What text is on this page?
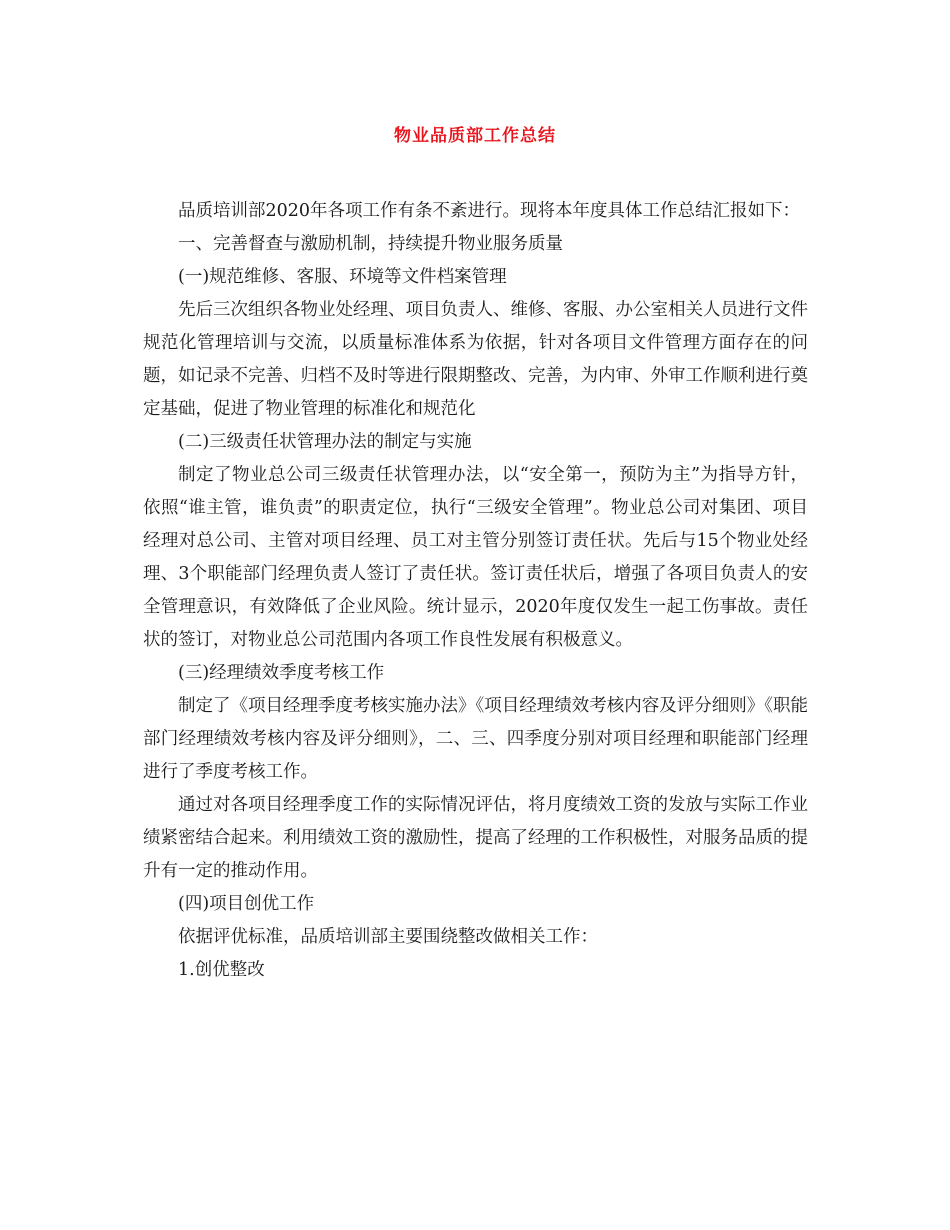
物业品质部工作总结

品质培训部2020年各项工作有条不紊进行。现将本年度具体工作总结汇报如下：

一、完善督查与激励机制，持续提升物业服务质量

(一)规范维修、客服、环境等文件档案管理

先后三次组织各物业处经理、项目负责人、维修、客服、办公室相关人员进行文件规范化管理培训与交流，以质量标准体系为依据，针对各项目文件管理方面存在的问题，如记录不完善、归档不及时等进行限期整改、完善，为内审、外审工作顺利进行奠定基础，促进了物业管理的标准化和规范化

(二)三级责任状管理办法的制定与实施

制定了物业总公司三级责任状管理办法，以“安全第一，预防为主”为指导方针，依照“谁主管，谁负责”的职责定位，执行“三级安全管理”。物业总公司对集团、项目经理对总公司、主管对项目经理、员工对主管分别签订责任状。先后与15个物业处经理、3个职能部门经理负责人签订了责任状。签订责任状后，增强了各项目负责人的安全管理意识，有效降低了企业风险。统计显示，2020年度仅发生一起工伤事故。责任状的签订，对物业总公司范围内各项工作良性发展有积极意义。

(三)经理绩效季度考核工作

制定了《项目经理季度考核实施办法》《项目经理绩效考核内容及评分细则》《职能部门经理绩效考核内容及评分细则》，二、三、四季度分别对项目经理和职能部门经理进行了季度考核工作。

通过对各项目经理季度工作的实际情况评估，将月度绩效工资的发放与实际工作业绩紧密结合起来。利用绩效工资的激励性，提高了经理的工作积极性，对服务品质的提升有一定的推动作用。

(四)项目创优工作

依据评优标准，品质培训部主要围绕整改做相关工作：

1.创优整改
